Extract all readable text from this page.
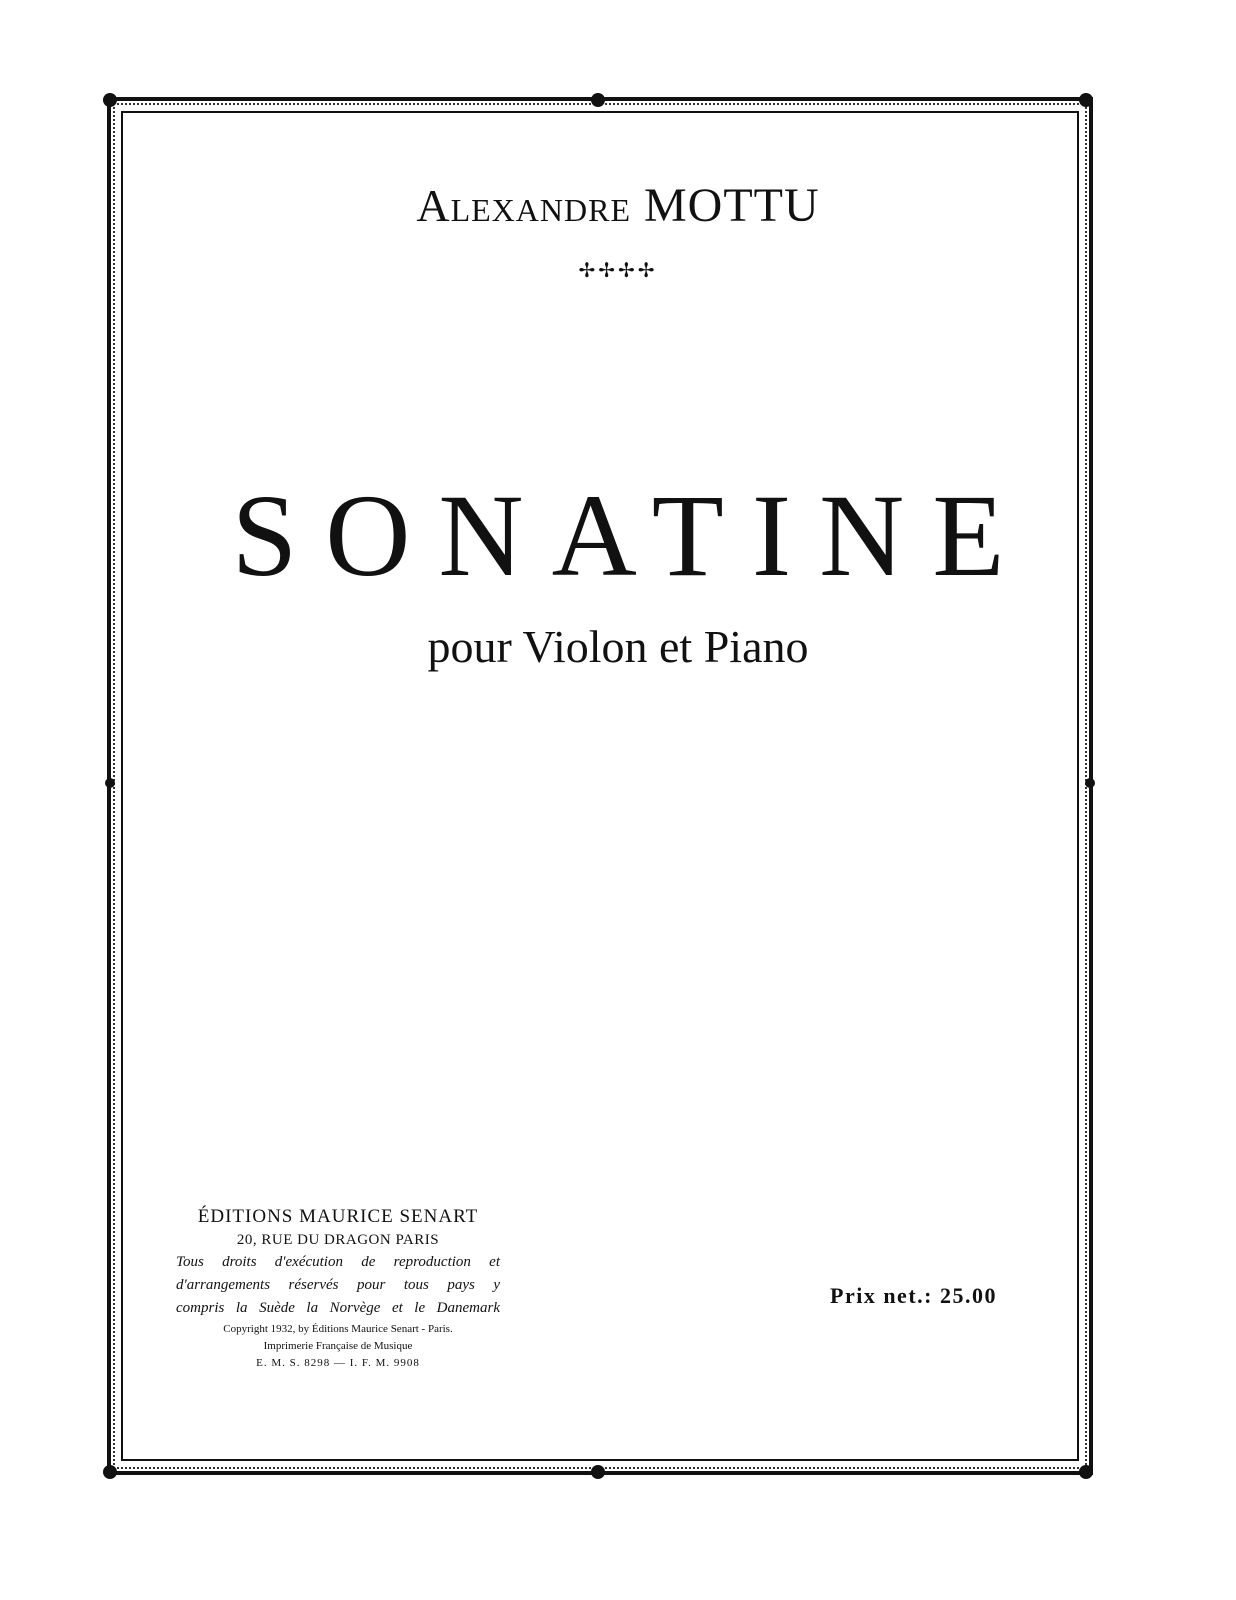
Alexandre MOTTU
✢✢✢✢
SONATINE
pour Violon et Piano
ÉDITIONS MAURICE SENART
20, RUE DU DRAGON PARIS
Tous droits d'exécution de reproduction et
d'arrangements réservés pour tous pays y
compris la Suède la Norvège et le Danemark
Copyright 1932, by Éditions Maurice Senart - Paris.
Imprimerie Française de Musique
E. M. S. 8298 — I. F. M. 9908
Prix net.: 25.00
